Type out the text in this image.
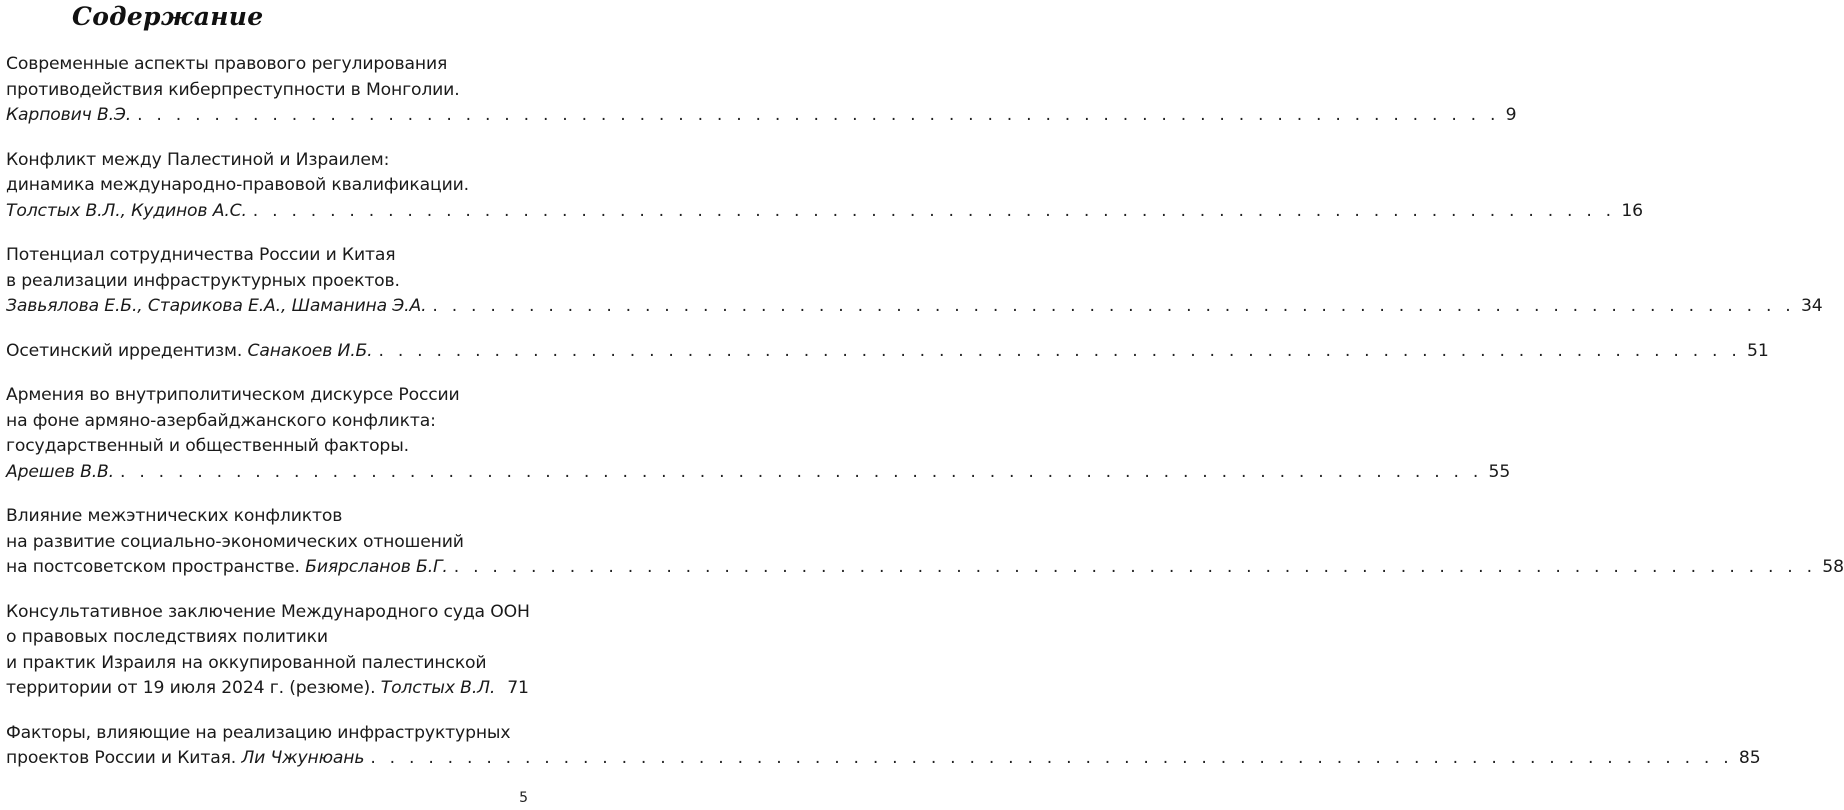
Содержание
Современные аспекты правового регулирования
противодействия киберпреступности в Монголии.
Карпович В.Э. . . . . . . . . . . . . . . . . . . . . . . . . . . . . . . . . . . . . . . . . . . . . . . . . . . . . . . . . . . . . . . . . . . . . . . . 9
Конфликт между Палестиной и Израилем:
динамика международно-правовой квалификации.
Толстых В.Л., Кудинов А.С. . . . . . . . . . . . . . . . . . . . . . . . . . . . . . . . . . . . . . . . . . . . . . . . . . . . . . . . . . . . . . . . . . . . . . . . 16
Потенциал сотрудничества России и Китая
в реализации инфраструктурных проектов.
Завьялова Е.Б., Старикова Е.А., Шаманина Э.А. . . . . . . . . . . . . . . . . . . . . . . . . . . . . . . . . . . . . . . . . . . . . . . . . . . . . . . . . . . . . . . . . . . . . . . . 34
Осетинский ирредентизм. Санакоев И.Б. . . . . . . . . . . . . . . . . . . . . . . . . . . . . . . . . . . . . . . . . . . . . . . . . . . . . . . . . . . . . . . . . . . . . . . . 51
Армения во внутриполитическом дискурсе России
на фоне армяно-азербайджанского конфликта:
государственный и общественный факторы.
Арешев В.В. . . . . . . . . . . . . . . . . . . . . . . . . . . . . . . . . . . . . . . . . . . . . . . . . . . . . . . . . . . . . . . . . . . . . . . . 55
Влияние межэтнических конфликтов
на развитие социально-экономических отношений
на постсоветском пространстве. Биярсланов Б.Г. . . . . . . . . . . . . . . . . . . . . . . . . . . . . . . . . . . . . . . . . . . . . . . . . . . . . . . . . . . . . . . . . . . . . . . . 58
Консультативное заключение Международного суда ООН
о правовых последствиях политики
и практик Израиля на оккупированной палестинской
территории от 19 июля 2024 г. (резюме). Толстых В.Л. 71
Факторы, влияющие на реализацию инфраструктурных
проектов России и Китая. Ли Чжунюань . . . . . . . . . . . . . . . . . . . . . . . . . . . . . . . . . . . . . . . . . . . . . . . . . . . . . . . . . . . . . . . . . . . . . . . 85
5
